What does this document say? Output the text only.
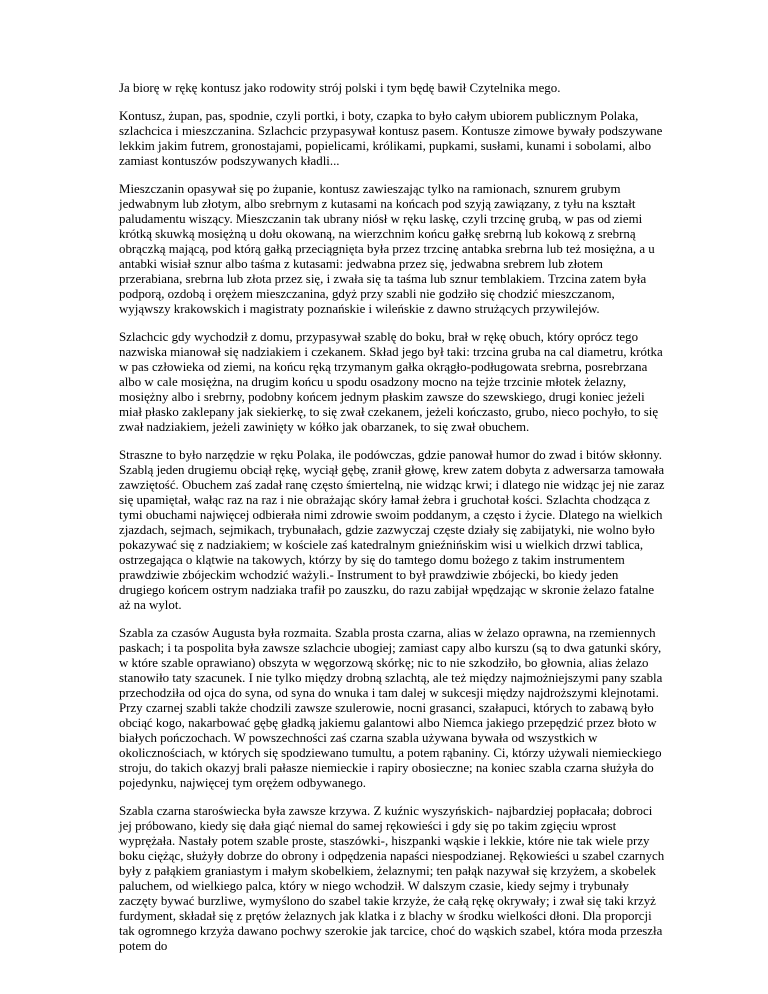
Ja biorę w rękę kontusz jako rodowity strój polski i tym będę bawił Czytelnika mego.

Kontusz, żupan, pas, spodnie, czyli portki, i boty, czapka to było całym ubiorem publicznym Polaka, szlachcica i mieszczanina. Szlachcic przypasywał kontusz pasem. Kontusze zimowe bywały podszywane lekkim jakim futrem, gronostajami, popielicami, królikami, pupkami, susłami, kunami i sobolami, albo zamiast kontuszów podszywanych kładli...

Mieszczanin opasywał się po żupanie, kontusz zawieszając tylko na ramionach, sznurem grubym jedwabnym lub złotym, albo srebrnym z kutasami na końcach pod szyją zawiązany, z tyłu na kształt paludamentu wiszący. Mieszczanin tak ubrany niósł w ręku laskę, czyli trzcinę grubą, w pas od ziemi krótką skuwką mosiężną u dołu okowaną, na wierzchnim końcu gałkę srebrną lub kokową z srebrną obrączką mającą, pod którą gałką przeciągnięta była przez trzcinę antabka srebrna lub też mosiężna, a u antabki wisiał sznur albo taśma z kutasami: jedwabna przez się, jedwabna srebrem lub złotem przerabiana, srebrna lub złota przez się, i zwała się ta taśma lub sznur temblakiem. Trzcina zatem była podporą, ozdobą i orężem mieszczanina, gdyż przy szabli nie godziło się chodzić mieszczanom, wyjąwszy krakowskich i magistraty poznańskie i wileńskie z dawno strużących przywilejów.

Szlachcic gdy wychodził z domu, przypasywał szablę do boku, brał w rękę obuch, który oprócz tego nazwiska mianował się nadziakiem i czekanem. Skład jego był taki: trzcina gruba na cal diametru, krótka w pas człowieka od ziemi, na końcu ręką trzymanym gałka okrągło-podługowata srebrna, posrebrzana albo w cale mosiężna, na drugim końcu u spodu osadzony mocno na tejże trzcinie młotek żelazny, mosiężny albo i srebrny, podobny końcem jednym płaskim zawsze do szewskiego, drugi koniec jeżeli miał płasko zaklepany jak siekierkę, to się zwał czekanem, jeżeli kończasto, grubo, nieco pochyło, to się zwał nadziakiem, jeżeli zawinięty w kółko jak obarzanek, to się zwał obuchem.

Straszne to było narzędzie w ręku Polaka, ile podówczas, gdzie panował humor do zwad i bitów skłonny. Szablą jeden drugiemu obciął rękę, wyciął gębę, zranił głowę, krew zatem dobyta z adwersarza tamowała zawziętość. Obuchem zaś zadał ranę często śmiertelną, nie widząc krwi; i dlatego nie widząc jej nie zaraz się upamiętał, wałąc raz na raz i nie obrażając skóry łamał żebra i gruchotał kości. Szlachta chodząca z tymi obuchami najwięcej odbierała nimi zdrowie swoim poddanym, a często i życie. Dlatego na wielkich zjazdach, sejmach, sejmikach, trybunałach, gdzie zazwyczaj częste działy się zabijatyki, nie wolno było pokazywać się z nadziakiem; w kościele zaś katedralnym gnieźnińskim wisi u wielkich drzwi tablica, ostrzegająca o klątwie na takowych, którzy by się do tamtego domu bożego z takim instrumentem prawdziwie zbójeckim wchodzić ważyli.- Instrument to był prawdziwie zbójecki, bo kiedy jeden drugiego końcem ostrym nadziaka trafił po zauszku, do razu zabijał wpędzając w skronie żelazo fatalne aż na wylot.

Szabla za czasów Augusta była rozmaita. Szabla prosta czarna, alias w żelazo oprawna, na rzemiennych paskach; i ta pospolita była zawsze szlachcie ubogiej; zamiast capy albo kurszu (są to dwa gatunki skóry, w które szable oprawiano) obszyta w węgorzową skórkę; nic to nie szkodziło, bo głownia, alias żelazo stanowiło taty szacunek. I nie tylko między drobną szlachtą, ale też między najmożniejszymi pany szabla przechodziła od ojca do syna, od syna do wnuka i tam dalej w sukcesji między najdroższymi klejnotami. Przy czarnej szabli także chodzili zawsze szulerowie, nocni grasanci, szałapuci, których to zabawą było obciąć kogo, nakarbować gębę gładką jakiemu galantowi albo Niemca jakiego przepędzić przez błoto w białych pończochach. W powszechności zaś czarna szabla używana bywała od wszystkich w okolicznościach, w których się spodziewano tumultu, a potem rąbaniny. Ci, którzy używali niemieckiego stroju, do takich okazyj brali pałasze niemieckie i rapiry obosieczne; na koniec szabla czarna służyła do pojedynku, najwięcej tym orężem odbywanego.

Szabla czarna staroświecka była zawsze krzywa. Z kuźnic wyszyńskich- najbardziej popłacała; dobroci jej próbowano, kiedy się dała giąć niemal do samej rękowieści i gdy się po takim zgięciu wprost wyprężała. Nastały potem szable proste, staszówki-, hiszpanki wąskie i lekkie, które nie tak wiele przy boku ciężąc, służyły dobrze do obrony i odpędzenia napaści niespodzianej. Rękowieści u szabel czarnych były z pałąkiem graniastym i małym skobelkiem, żelaznymi; ten pałąk nazywał się krzyżem, a skobelek paluchem, od wielkiego palca, który w niego wchodził. W dalszym czasie, kiedy sejmy i trybunały zaczęty bywać burzliwe, wymyślono do szabel takie krzyże, że całą rękę okrywały; i zwał się taki krzyż furdyment, składał się z prętów żelaznych jak klatka i z blachy w środku wielkości dłoni. Dla proporcji tak ogromnego krzyża dawano pochwy szerokie jak tarcice, choć do wąskich szabel, która moda przeszła potem do
